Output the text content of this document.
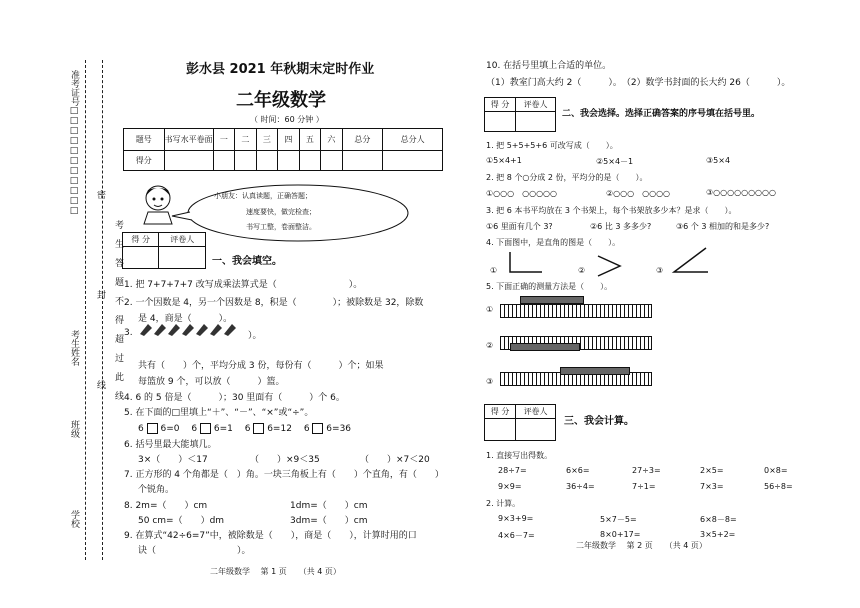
准考证号□□□□□□□□□□□
考生姓名
班级
学校
密
封
线 考生答题不得超过此线
彭水县 2021 年秋期末定时作业
二年级数学
（ 时间：60 分钟 ）
题号	书写水平卷面	一	二	三	四	五	六	总分	总分人
得分									
小朋友：认真读题，正确答题；
速度要快，做完检查；
书写工整，卷面整洁。
得 分	评卷人

一、我会填空。
1. 把 7+7+7+7 改写成乘法算式是（　　　　　　　　）。
2. 一个因数是 4，另一个因数是 8，积是（　　　　）；被除数是 32，除数
是 4，商是（　　　）。
3.	）。
共有（　　）个，平均分成 3 份，每份有（　　　）个；如果
每篮放 9 个，可以放（　　　）篮。
4. 6 的 5 倍是（　　　）；30 里面有（　　　）个 6。
5. 在下面的□里填上“＋”、“－”、“×”或“÷”。
6 6=0　 6 6=1　 6 6=12　 6 6=36
6. 括号里最大能填几。
3×（　　）＜17	（　　）×9＜35	（　　）×7＜20
7. 正方形的 4 个角都是（　）角。一块三角板上有（　　）个直角，有（　　）
个锐角。
8. 2m=（　　）cm	1dm=（　　）cm
50 cm=（　　）dm	3dm=（　　）cm
9. 在算式“42÷6=7”中，被除数是（　　），商是（　　），计算时用的口
诀（　　　　　　　　　）。
二年级数学　 第 1 页　　（共 4 页）
10. 在括号里填上合适的单位。
（1）教室门高大约 2（　　　）。　（2）数学书封面的长大约 26（　　　）。
得 分	评卷人

二、我会选择。选择正确答案的序号填在括号里。
1. 把 5+5+5+6 可改写成（　　）。
①5×4+1	②5×4－1	③5×4
2. 把 8 个○分成 2 份，平均分的是（　　）。
①○○○　○○○○○	②○○○　○○○○	③○○○○○○○○○
3. 把 6 本书平均放在 3 个书架上，每个书架放多少本？是求（　　）。
①6 里面有几个 3?	②6 比 3 多多少?	③6 个 3 相加的和是多少?
4. 下面图中，是直角的图是（　　）。
①	②	③
5. 下面正确的测量方法是（　　）。
①
②
③
得 分	评卷人

三、我会计算。
1. 直接写出得数。
28÷7=	6×6=	27÷3=	2×5=	0×8=
9×9=	36÷4=	7÷1=	7×3=	56÷8=
2. 计算。
9×3+9=	5×7－5=	6×8－8=
4×6－7=	8×0+17=	3×5+2=
二年级数学　 第 2 页　　（共 4 页）
